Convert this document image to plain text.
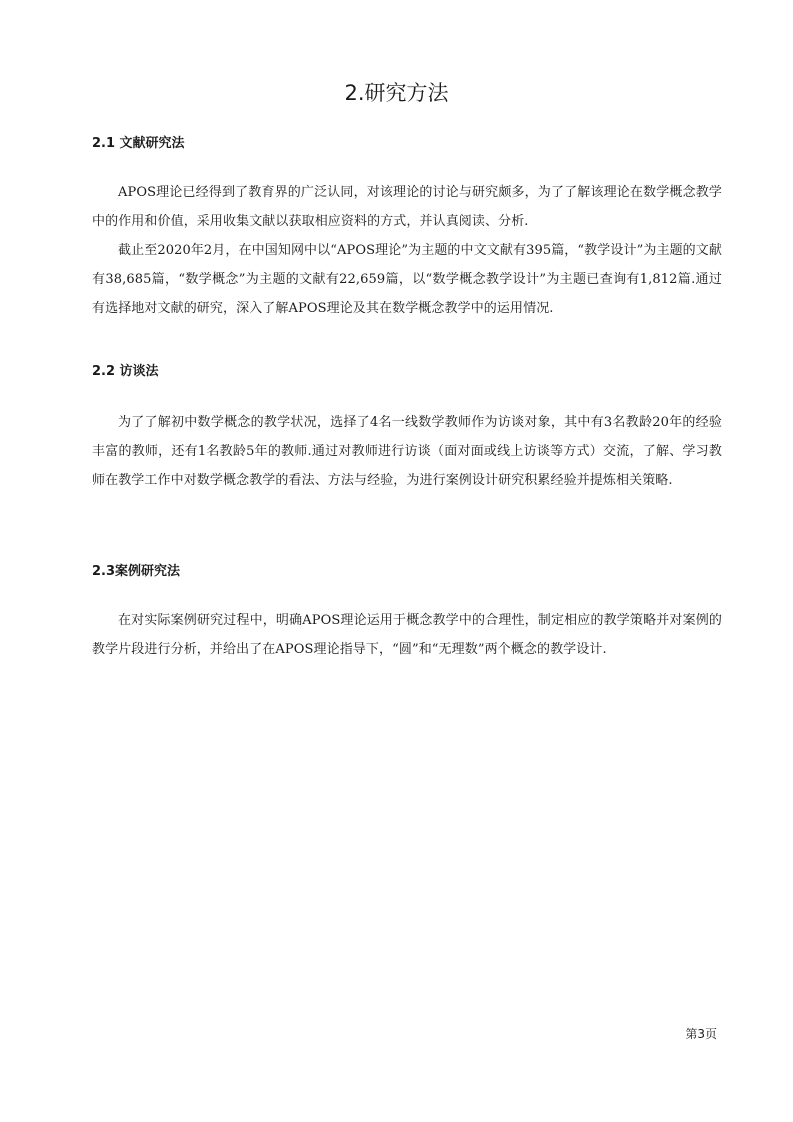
2.研究方法
2.1 文献研究法

APOS理论已经得到了教育界的广泛认同，对该理论的讨论与研究颇多，为了了解该理论在数学概念教学中的作用和价值，采用收集文献以获取相应资料的方式，并认真阅读、分析.

截止至2020年2月，在中国知网中以“APOS理论”为主题的中文文献有395篇，“教学设计”为主题的文献有38,685篇，“数学概念”为主题的文献有22,659篇，以“数学概念教学设计”为主题已查询有1,812篇.通过有选择地对文献的研究，深入了解APOS理论及其在数学概念教学中的运用情况.

2.2 访谈法

为了了解初中数学概念的教学状况，选择了4名一线数学教师作为访谈对象，其中有3名教龄20年的经验丰富的教师，还有1名教龄5年的教师.通过对教师进行访谈（面对面或线上访谈等方式）交流，了解、学习教师在教学工作中对数学概念教学的看法、方法与经验，为进行案例设计研究积累经验并提炼相关策略.

2.3案例研究法

在对实际案例研究过程中，明确APOS理论运用于概念教学中的合理性，制定相应的教学策略并对案例的教学片段进行分析，并给出了在APOS理论指导下，“圆”和“无理数”两个概念的教学设计.

第3页
